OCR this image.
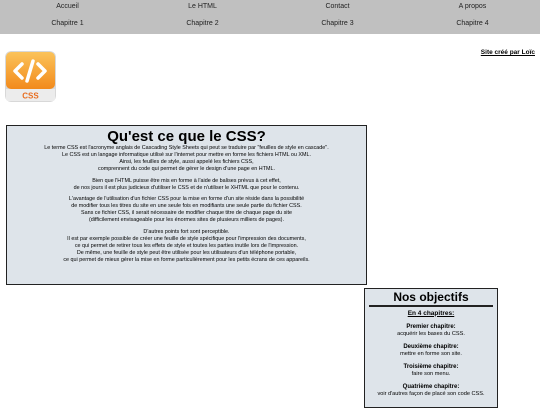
Accueil	Le HTML	Contact	A propos
Chapitre 1	Chapitre 2	Chapitre 3	Chapitre 4
Site créé par Loïc
CSS
Qu'est ce que le CSS?

Le terme CSS est l'acronyme anglais de Cascading Style Sheets qui peut se traduire par "feuilles de style en cascade".
Le CSS est un langage informatique utilisé sur l'internet pour mettre en forme les fichiers HTML ou XML.
Ainsi, les feuilles de style, aussi appelé les fichiers CSS,
comprennent du code qui permet de gérer le design d'une page en HTML.

Bien que l'HTML puisse être mis en forme à l'aide de balises prévus à cet effet,
de nos jours il est plus judicieux d'utiliser le CSS et de n'utiliser le XHTML que pour le contenu.

L'avantage de l'utilisation d'un fichier CSS pour la mise en forme d'un site réside dans la possibilité
de modifier tous les titres du site en une seule fois en modifiants une seule partie du fichier CSS.
Sans ce fichier CSS, il serait nécessaire de modifier chaque titre de chaque page du site
(difficilement envisageable pour les énormes sites de plusieurs milliers de pages).

D'autres points fort sont perceptible.
Il est par exemple possible de créer une feuille de style spécifique pour l'impression des documents,
ce qui permet de retirer tous les effets de style et toutes les parties inutile lors de l'impression.
De même, une feuille de style peut être utilisée pour les utilisateurs d'un téléphone portable,
ce qui permet de mieux gérer la mise en forme particulièrement pour les petits écrans de ces appareils.

Nos objectifs
En 4 chapitres:
Premier chapitre:
acquérir les bases du CSS.
Deuxième chapitre:
mettre en forme son site.
Troisième chapitre:
faire son menu.
Quatrième chapitre:
voir d'autres façon de placé son code CSS.
